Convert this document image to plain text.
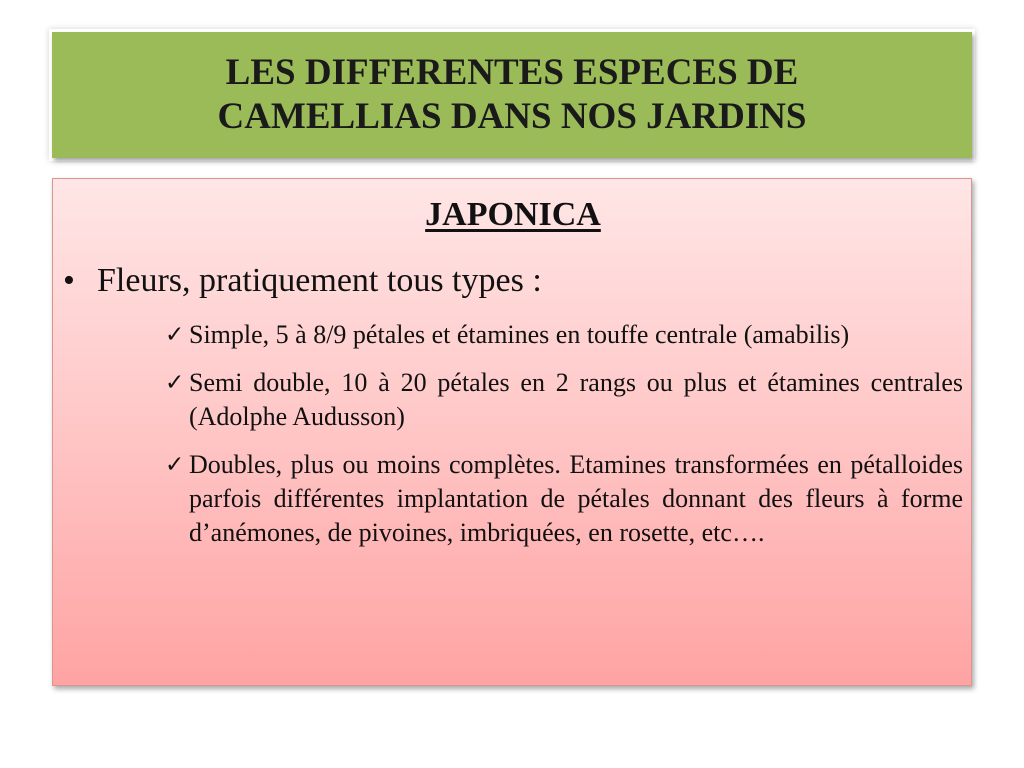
LES DIFFERENTES ESPECES DE
CAMELLIAS DANS NOS JARDINS
JAPONICA
• Fleurs, pratiquement tous types :

✓ Simple, 5 à 8/9 pétales et étamines en touffe centrale (amabilis)

✓ Semi double, 10 à 20 pétales en 2 rangs ou plus et étamines centrales (Adolphe Audusson)

✓ Doubles, plus ou moins complètes. Etamines transformées en pétalloides parfois différentes implantation de pétales donnant des fleurs à forme d’anémones, de pivoines, imbriquées, en rosette, etc….
